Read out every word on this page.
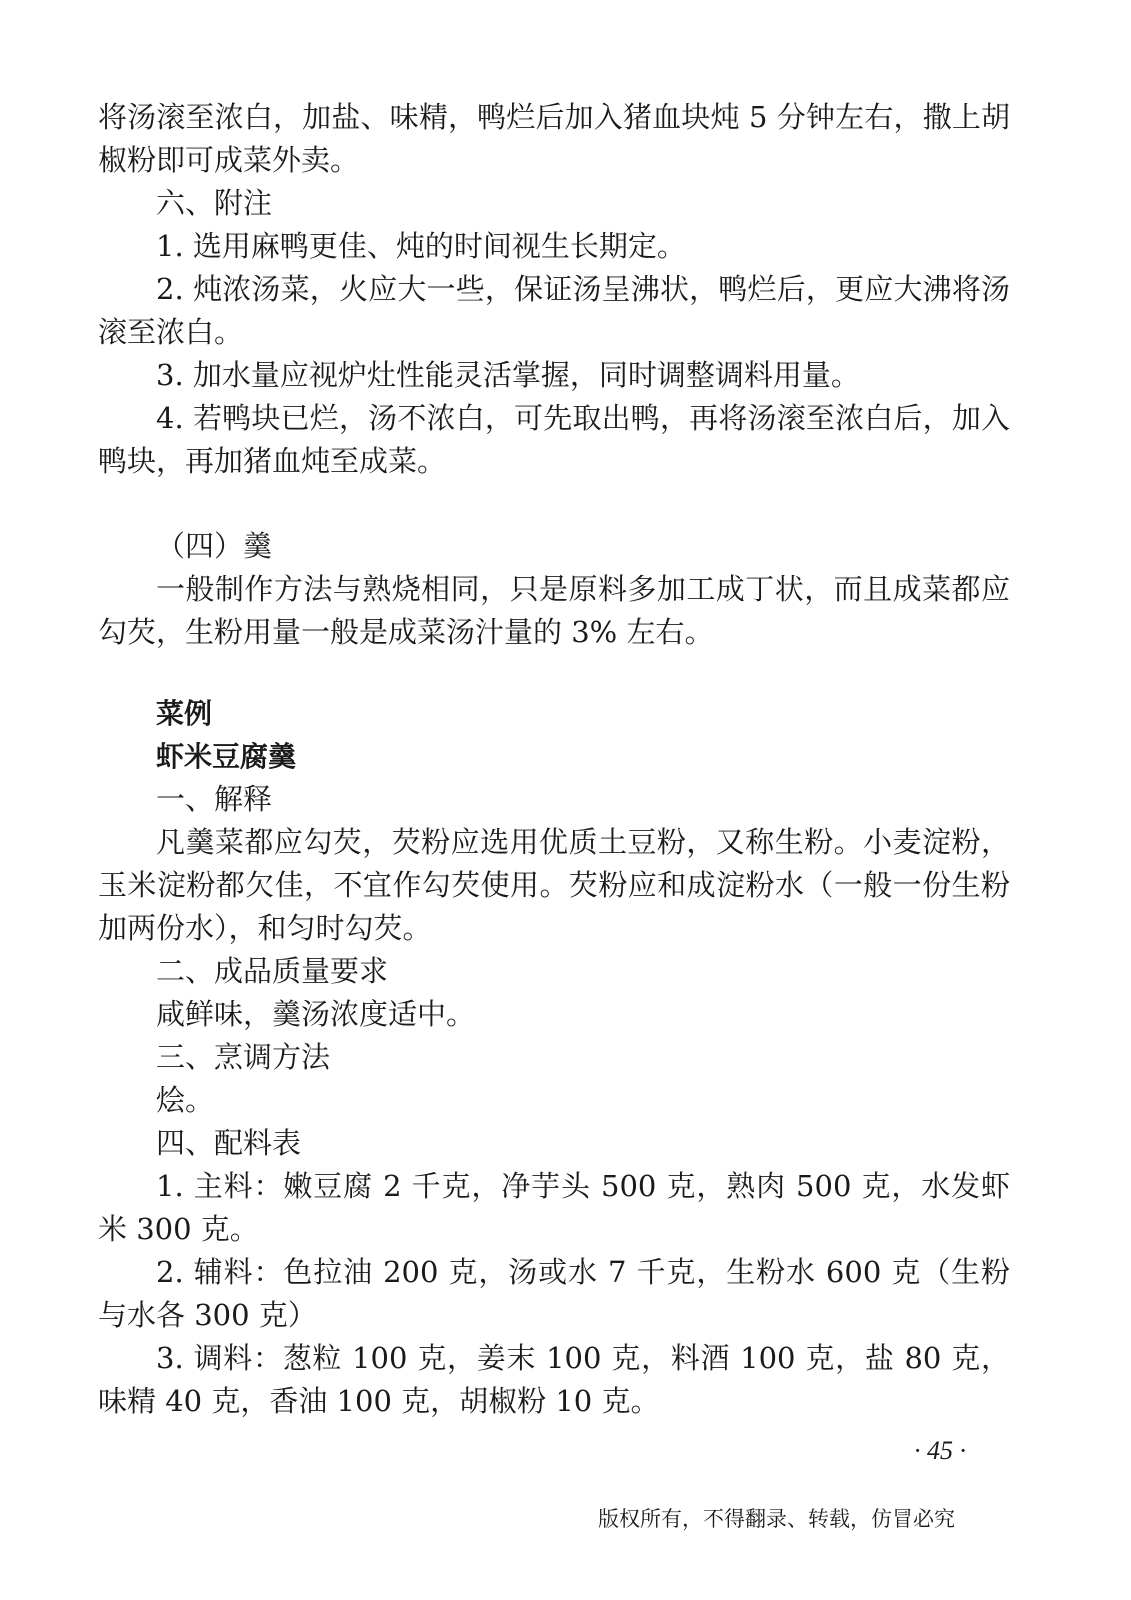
将汤滚至浓白，加盐、味精，鸭烂后加入猪血块炖 5 分钟左右，撒上胡椒粉即可成菜外卖。

六、附注

1. 选用麻鸭更佳、炖的时间视生长期定。

2. 炖浓汤菜，火应大一些，保证汤呈沸状，鸭烂后，更应大沸将汤滚至浓白。

3. 加水量应视炉灶性能灵活掌握，同时调整调料用量。

4. 若鸭块已烂，汤不浓白，可先取出鸭，再将汤滚至浓白后，加入鸭块，再加猪血炖至成菜。

（四）羹

一般制作方法与熟烧相同，只是原料多加工成丁状，而且成菜都应勾芡，生粉用量一般是成菜汤汁量的 3% 左右。

菜例

虾米豆腐羹

一、解释

凡羹菜都应勾芡，芡粉应选用优质土豆粉，又称生粉。小麦淀粉，玉米淀粉都欠佳，不宜作勾芡使用。芡粉应和成淀粉水（一般一份生粉加两份水），和匀时勾芡。

二、成品质量要求

咸鲜味，羹汤浓度适中。

三、烹调方法

烩。

四、配料表

1. 主料：嫩豆腐 2 千克，净芋头 500 克，熟肉 500 克，水发虾米 300 克。

2. 辅料：色拉油 200 克，汤或水 7 千克，生粉水 600 克（生粉与水各 300 克）

3. 调料：葱粒 100 克，姜末 100 克，料酒 100 克，盐 80 克，味精 40 克，香油 100 克，胡椒粉 10 克。

· 45 ·
版权所有，不得翻录、转载，仿冒必究
